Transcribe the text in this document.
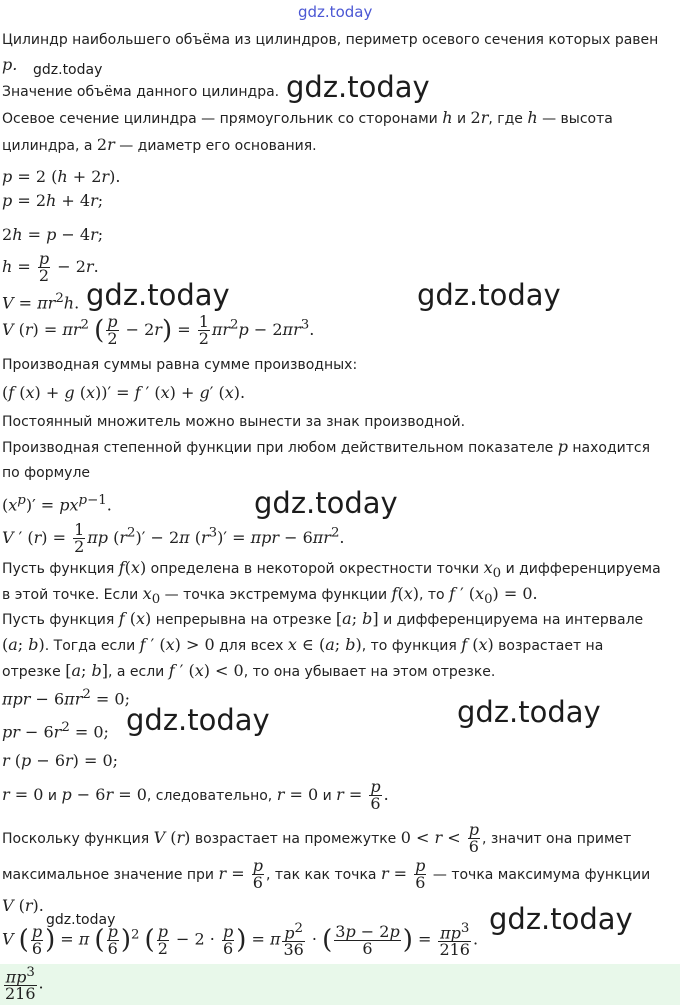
gdz.today
gdz.today	gdz.today
gdz.today	gdz.today
gdz.today
gdz.today	gdz.today
gdz.today	gdz.today
Цилиндр наибольшего объёма из цилиндров, периметр осевого сечения которых равен
p.
Значение объёма данного цилиндра.
Осевое сечение цилиндра — прямоугольник со сторонами h и 2r, где h — высота
цилиндра, а 2r — диаметр его основания.
p = 2 (h + 2r).
p = 2h + 4r;
2h = p − 4r;
$h = \frac{p}{2} - 2r$.
$V = \pi r^2h$.
V $(r) = \pi r^2$ ( $\frac{p}{2} - 2r) = \frac{1}{2} \pi r^2p - 2\pi r^3$.
Производная суммы равна сумме производных:
(f (x) + g (x))′ = f ′ (x) + g′ (x).
Постоянный множитель можно вынести за знак производной.
Производная степенной функции при любом действительном показателе p находится
по формуле
$(x^p)' = px^{p-1}$.
V ′ $(r) = \frac{1}{2}$ πp $(r^2)' - 2\pi$ $(r^3)' = \pi pr - 6\pi r^2$.
Пусть функция f(x) определена в некоторой окрестности точки $x_0$ и дифференцируема
в этой точке. Если $x_0$ — точка экстремума функции f(x), то f ′ $(x_0) = 0$.
Пусть функция f (x) непрерывна на отрезке [a; b] и дифференцируема на интервале
(a; b). Тогда если f ′ (x) > 0 для всех x ∈ (a; b), то функция f (x) возрастает на
отрезке [a; b], а если f ′ (x) < 0, то она убывает на этом отрезке.
$\pi pr - 6\pi r^2 = 0$;
pr − $6r^2 = 0$;
r (p − 6r) = 0;
r = 0 и p − 6r = 0, следовательно, r = 0 и $r = \frac{p}{6}$ .
Поскольку функция V (r) возрастает на промежутке $0 < r < \frac{p}{6}$ , значит она примет
максимальное значение при $r = \frac{p}{6}$ , так как точка $r = \frac{p}{6}$ — точка максимума функции
V (r).
V ( $\frac{p}{6}$ ) = π ( $\frac{p}{6} )^2$ ( $\frac{p}{2} - 2 \cdot \frac{p}{6}$ ) = π $\frac{p^2}{36}$ · ( $\frac{3p - 2p}{6}$ ) = $\frac{\pi p^3}{216}$ .
$\frac{\pi p^3}{216}$ .
